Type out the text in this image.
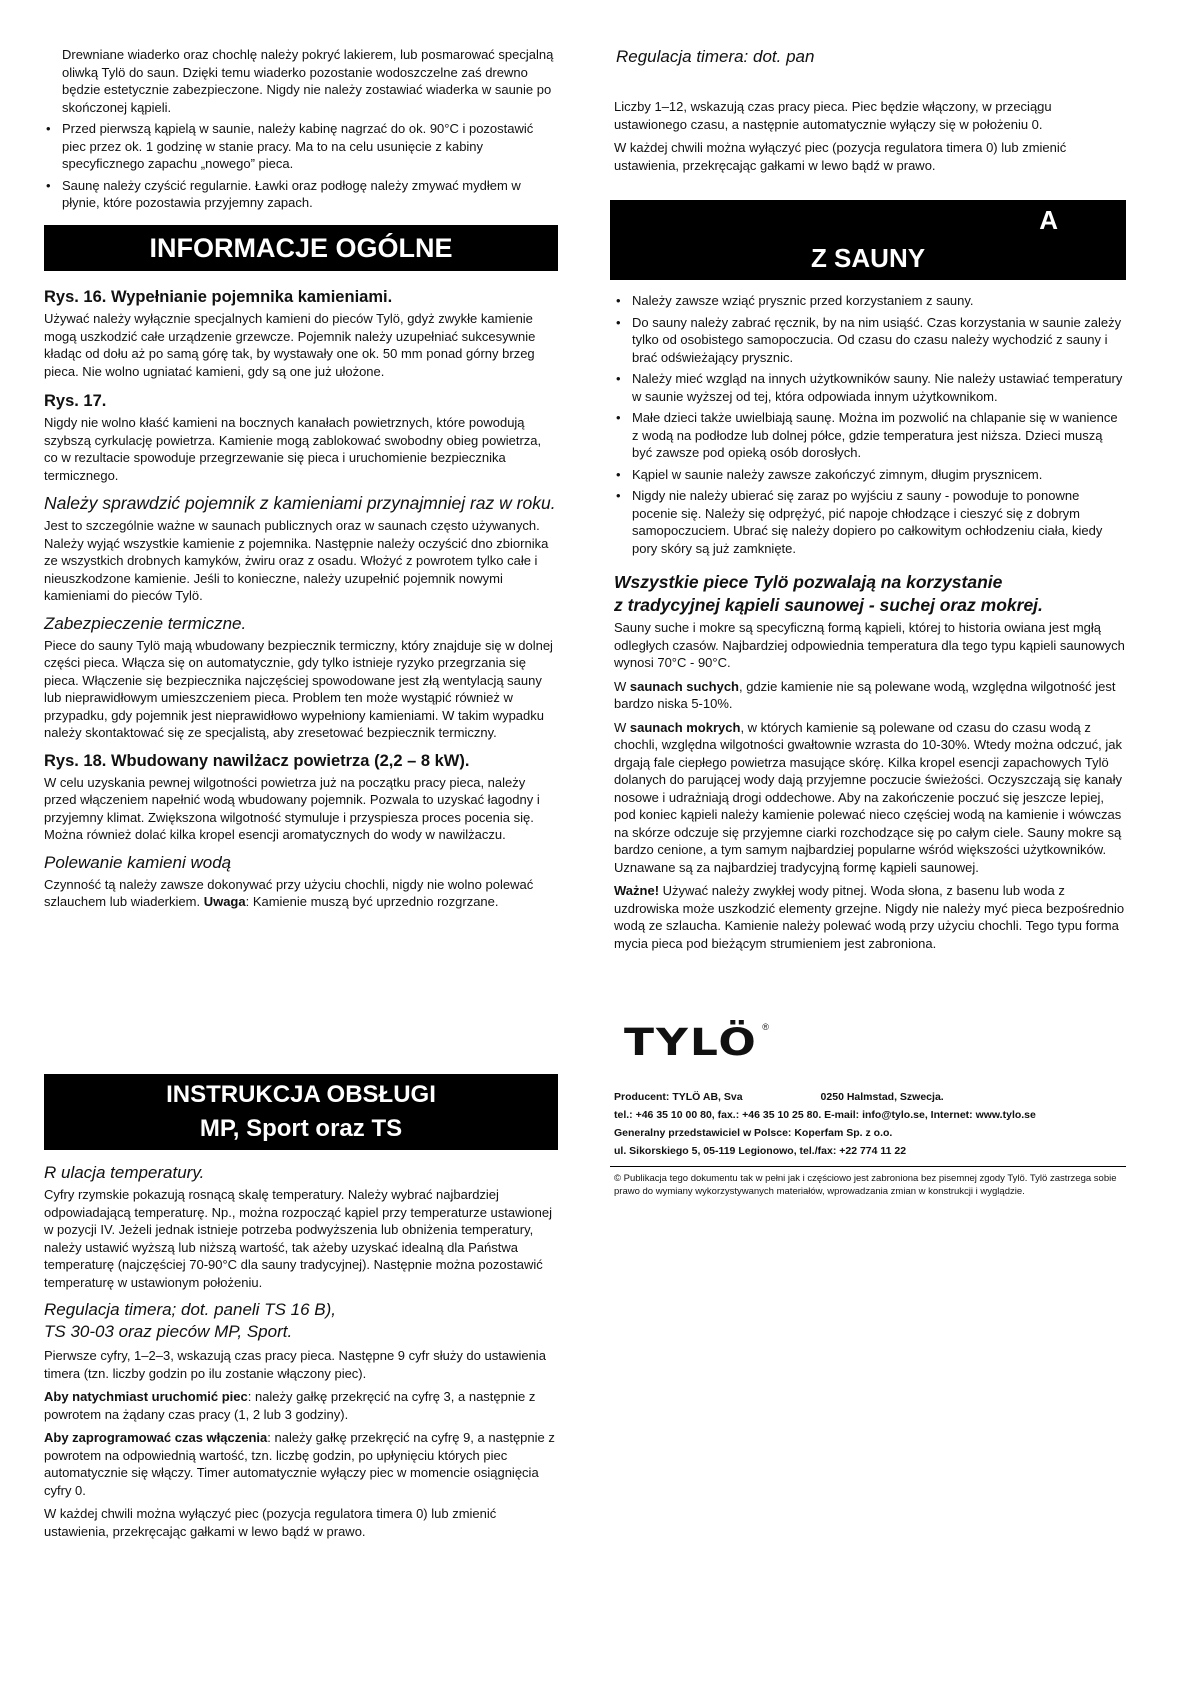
Drewniane wiaderko oraz chochlę należy pokryć lakierem, lub posmarować specjalną oliwką Tylö do saun. Dzięki temu wiaderko pozostanie wodoszczelne zaś drewno będzie estetycznie zabezpieczone. Nigdy nie należy zostawiać wiaderka w saunie po skończonej kąpieli.

• Przed pierwszą kąpielą w saunie, należy kabinę nagrzać do ok. 90°C i pozostawić piec przez ok. 1 godzinę w stanie pracy. Ma to na celu usunięcie z kabiny specyficznego zapachu „nowego” pieca.
• Saunę należy czyścić regularnie. Ławki oraz podłogę należy zmywać mydłem w płynie, które pozostawia przyjemny zapach.
INFORMACJE OGÓLNE
Rys. 16. Wypełnianie pojemnika kamieniami.

Używać należy wyłącznie specjalnych kamieni do pieców Tylö, gdyż zwykłe kamienie mogą uszkodzić całe urządzenie grzewcze. Pojemnik należy uzupełniać sukcesywnie kładąc od dołu aż po samą górę tak, by wystawały one ok. 50 mm ponad górny brzeg pieca. Nie wolno ugniatać kamieni, gdy są one już ułożone.

Rys. 17.

Nigdy nie wolno kłaść kamieni na bocznych kanałach powietrznych, które powodują szybszą cyrkulację powietrza. Kamienie mogą zablokować swobodny obieg powietrza, co w rezultacie spowoduje przegrzewanie się pieca i uruchomienie bezpiecznika termicznego.

Należy sprawdzić pojemnik z kamieniami przynajmniej raz w roku.

Jest to szczególnie ważne w saunach publicznych oraz w saunach często używanych. Należy wyjąć wszystkie kamienie z pojemnika. Następnie należy oczyścić dno zbiornika ze wszystkich drobnych kamyków, żwiru oraz z osadu. Włożyć z powrotem tylko całe i nieuszkodzone kamienie. Jeśli to konieczne, należy uzupełnić pojemnik nowymi kamieniami do pieców Tylö.

Zabezpieczenie termiczne.

Piece do sauny Tylö mają wbudowany bezpiecznik termiczny, który znajduje się w dolnej części pieca. Włącza się on automatycznie, gdy tylko istnieje ryzyko przegrzania się pieca. Włączenie się bezpiecznika najczęściej spowodowane jest złą wentylacją sauny lub nieprawidłowym umieszczeniem pieca. Problem ten może wystąpić również w przypadku, gdy pojemnik jest nieprawidłowo wypełniony kamieniami. W takim wypadku należy skontaktować się ze specjalistą, aby zresetować bezpiecznik termiczny.

Rys. 18. Wbudowany nawilżacz powietrza (2,2 – 8 kW).

W celu uzyskania pewnej wilgotności powietrza już na początku pracy pieca, należy przed włączeniem napełnić wodą wbudowany pojemnik. Pozwala to uzyskać łagodny i przyjemny klimat. Zwiększona wilgotność stymuluje i przyspiesza proces pocenia się. Można również dolać kilka kropel esencji aromatycznych do wody w nawilżaczu.

Polewanie kamieni wodą

Czynność tą należy zawsze dokonywać przy użyciu chochli, nigdy nie wolno polewać szlauchem lub wiaderkiem. Uwaga: Kamienie muszą być uprzednio rozgrzane.

INSTRUKCJA OBSŁUGI
MP, Sport oraz TS
R ulacja temperatury.

Cyfry rzymskie pokazują rosnącą skalę temperatury. Należy wybrać najbardziej odpowiadającą temperaturę. Np., można rozpocząć kąpiel przy temperaturze ustawionej w pozycji IV. Jeżeli jednak istnieje potrzeba podwyższenia lub obniżenia temperatury, należy ustawić wyższą lub niższą wartość, tak ażeby uzyskać idealną dla Państwa temperaturę (najczęściej 70-90°C dla sauny tradycyjnej). Następnie można pozostawić temperaturę w ustawionym położeniu.

Regulacja timera; dot. paneli TS 16 B),
TS 30-03 oraz pieców MP, Sport.

Pierwsze cyfry, 1–2–3, wskazują czas pracy pieca. Następne 9 cyfr służy do ustawienia timera (tzn. liczby godzin po ilu zostanie włączony piec).

Aby natychmiast uruchomić piec: należy gałkę przekręcić na cyfrę 3, a następnie z powrotem na żądany czas pracy (1, 2 lub 3 godziny).

Aby zaprogramować czas włączenia: należy gałkę przekręcić na cyfrę 9, a następnie z powrotem na odpowiednią wartość, tzn. liczbę godzin, po upłynięciu których piec automatycznie się włączy. Timer automatycznie wyłączy piec w momencie osiągnięcia cyfry 0.

W każdej chwili można wyłączyć piec (pozycja regulatora timera 0) lub zmienić ustawienia, przekręcając gałkami w lewo bądź w prawo.

Regulacja timera: dot. pan

Liczby 1–12, wskazują czas pracy pieca. Piec będzie włączony, w przeciągu ustawionego czasu, a następnie automatycznie wyłączy się w położeniu 0.

W każdej chwili można wyłączyć piec (pozycja regulatora timera 0) lub zmienić ustawienia, przekręcając gałkami w lewo bądź w prawo.

A
Z SAUNY
• Należy zawsze wziąć prysznic przed korzystaniem z sauny.
• Do sauny należy zabrać ręcznik, by na nim usiąść. Czas korzystania w saunie zależy tylko od osobistego samopoczucia. Od czasu do czasu należy wychodzić z sauny i brać odświeżający prysznic.
• Należy mieć wzgląd na innych użytkowników sauny. Nie należy ustawiać temperatury w saunie wyższej od tej, która odpowiada innym użytkownikom.
• Małe dzieci także uwielbiają saunę. Można im pozwolić na chlapanie się w wanience z wodą na podłodze lub dolnej półce, gdzie temperatura jest niższa. Dzieci muszą być zawsze pod opieką osób dorosłych.
• Kąpiel w saunie należy zawsze zakończyć zimnym, długim prysznicem.
• Nigdy nie należy ubierać się zaraz po wyjściu z sauny - powoduje to ponowne pocenie się. Należy się odprężyć, pić napoje chłodzące i cieszyć się z dobrym samopoczuciem. Ubrać się należy dopiero po całkowitym ochłodzeniu ciała, kiedy pory skóry są już zamknięte.
Wszystkie piece Tylö pozwalają na korzystanie
z tradycyjnej kąpieli saunowej - suchej oraz mokrej.

Sauny suche i mokre są specyficzną formą kąpieli, której to historia owiana jest mgłą odległych czasów. Najbardziej odpowiednia temperatura dla tego typu kąpieli saunowych wynosi 70°C - 90°C.

W saunach suchych, gdzie kamienie nie są polewane wodą, względna wilgotność jest bardzo niska 5-10%.

W saunach mokrych, w których kamienie są polewane od czasu do czasu wodą z chochli, względna wilgotności gwałtownie wzrasta do 10-30%. Wtedy można odczuć, jak drgają fale ciepłego powietrza masujące skórę. Kilka kropel esencji zapachowych Tylö dolanych do parującej wody dają przyjemne poczucie świeżości. Oczyszczają się kanały nosowe i udrażniają drogi oddechowe. Aby na zakończenie poczuć się jeszcze lepiej, pod koniec kąpieli należy kamienie polewać nieco częściej wodą na kamienie i wówczas na skórze odczuje się przyjemne ciarki rozchodzące się po całym ciele. Sauny mokre są bardzo cenione, a tym samym najbardziej popularne wśród większości użytkowników. Uznawane są za najbardziej tradycyjną formę kąpieli saunowej.

Ważne! Używać należy zwykłej wody pitnej. Woda słona, z basenu lub woda z uzdrowiska może uszkodzić elementy grzejne. Nigdy nie należy myć pieca bezpośrednio wodą ze szlaucha. Kamienie należy polewać wodą przy użyciu chochli. Tego typu forma mycia pieca pod bieżącym strumieniem jest zabroniona.

TYLÖ ®

Producent: TYLÖ AB, Sva	0250 Halmstad, Szwecja.

tel.: +46 35 10 00 80, fax.: +46 35 10 25 80. E-mail: info@tylo.se, Internet: www.tylo.se

Generalny przedstawiciel w Polsce: Koperfam Sp. z o.o.

ul. Sikorskiego 5, 05-119 Legionowo, tel./fax: +22 774 11 22

© Publikacja tego dokumentu tak w pełni jak i częściowo jest zabroniona bez pisemnej zgody Tylö. Tylö zastrzega sobie prawo do wymiany wykorzystywanych materiałów, wprowadzania zmian w konstrukcji i wyglądzie.
